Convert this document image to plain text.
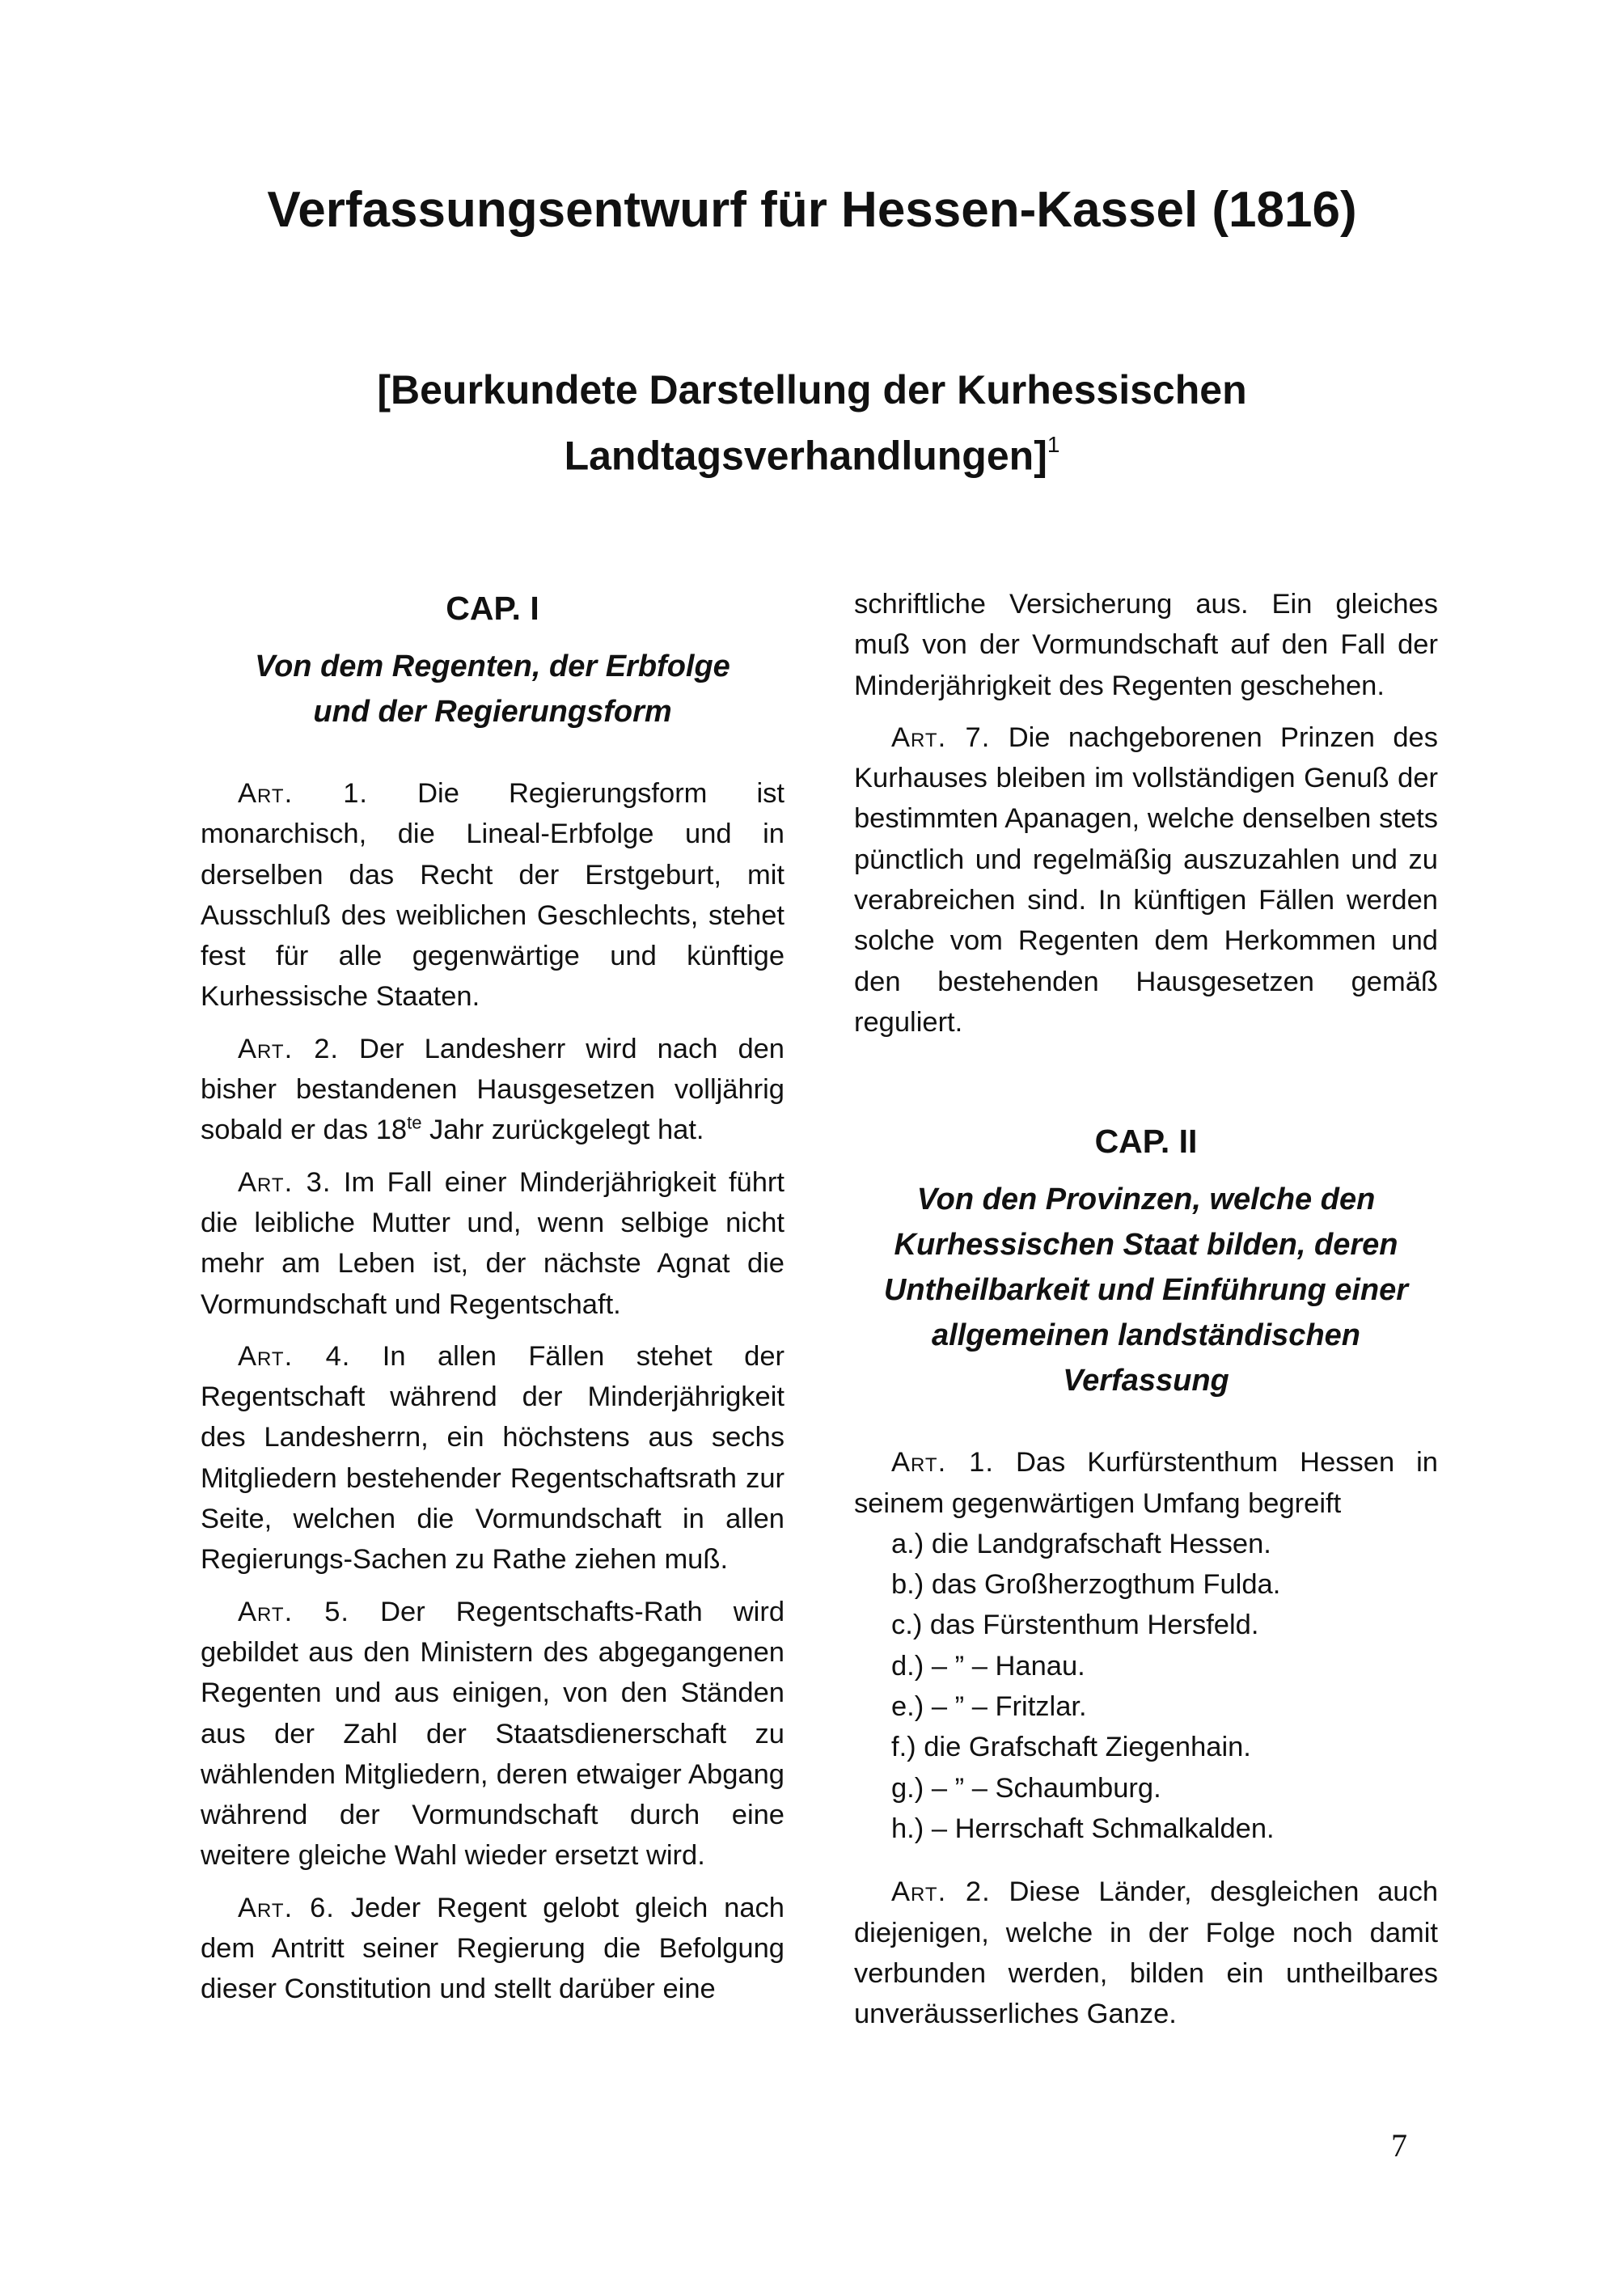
Verfassungsentwurf für Hessen-Kassel (1816)
[Beurkundete Darstellung der Kurhessischen
Landtagsverhandlungen]$^1$
CAP. I
Von dem Regenten, der Erbfolge
und der Regierungsform

Art. 1. Die Regierungsform ist monarchisch, die Lineal-Erbfolge und in derselben das Recht der Erstgeburt, mit Ausschluß des weiblichen Geschlechts, stehet fest für alle gegenwärtige und künftige Kurhessische Staaten.

Art. 2. Der Landesherr wird nach den bisher bestandenen Hausgesetzen volljährig sobald er das $18^{te}$ Jahr zurückgelegt hat.

Art. 3. Im Fall einer Minderjährigkeit führt die leibliche Mutter und, wenn selbige nicht mehr am Leben ist, der nächste Agnat die Vormundschaft und Regentschaft.

Art. 4. In allen Fällen stehet der Regentschaft während der Minderjährigkeit des Landesherrn, ein höchstens aus sechs Mitgliedern bestehender Regentschaftsrath zur Seite, welchen die Vormundschaft in allen Regierungs-Sachen zu Rathe ziehen muß.

Art. 5. Der Regentschafts-Rath wird gebildet aus den Ministern des abgegangenen Regenten und aus einigen, von den Ständen aus der Zahl der Staatsdienerschaft zu wählenden Mitgliedern, deren etwaiger Abgang während der Vormundschaft durch eine weitere gleiche Wahl wieder ersetzt wird.

Art. 6. Jeder Regent gelobt gleich nach dem Antritt seiner Regierung die Befolgung dieser Constitution und stellt darüber eine

schriftliche Versicherung aus. Ein gleiches muß von der Vormundschaft auf den Fall der Minderjährigkeit des Regenten geschehen.

Art. 7. Die nachgeborenen Prinzen des Kurhauses bleiben im vollständigen Genuß der bestimmten Apanagen, welche denselben stets pünctlich und regelmäßig auszuzahlen und zu verabreichen sind. In künftigen Fällen werden solche vom Regenten dem Herkommen und den bestehenden Hausgesetzen gemäß reguliert.

CAP. II
Von den Provinzen, welche den
Kurhessischen Staat bilden, deren
Untheilbarkeit und Einführung einer
allgemeinen landständischen
Verfassung

Art. 1. Das Kurfürstenthum Hessen in seinem gegenwärtigen Umfang begreift

a.) die Landgrafschaft Hessen.
b.) das Großherzogthum Fulda.
c.) das Fürstenthum Hersfeld.
d.) – ” – Hanau.
e.) – ” – Fritzlar.
f.) die Grafschaft Ziegenhain.
g.) – ” – Schaumburg.
h.) – Herrschaft Schmalkalden.

Art. 2. Diese Länder, desgleichen auch diejenigen, welche in der Folge noch damit verbunden werden, bilden ein untheilbares unveräusserliches Ganze.

7
